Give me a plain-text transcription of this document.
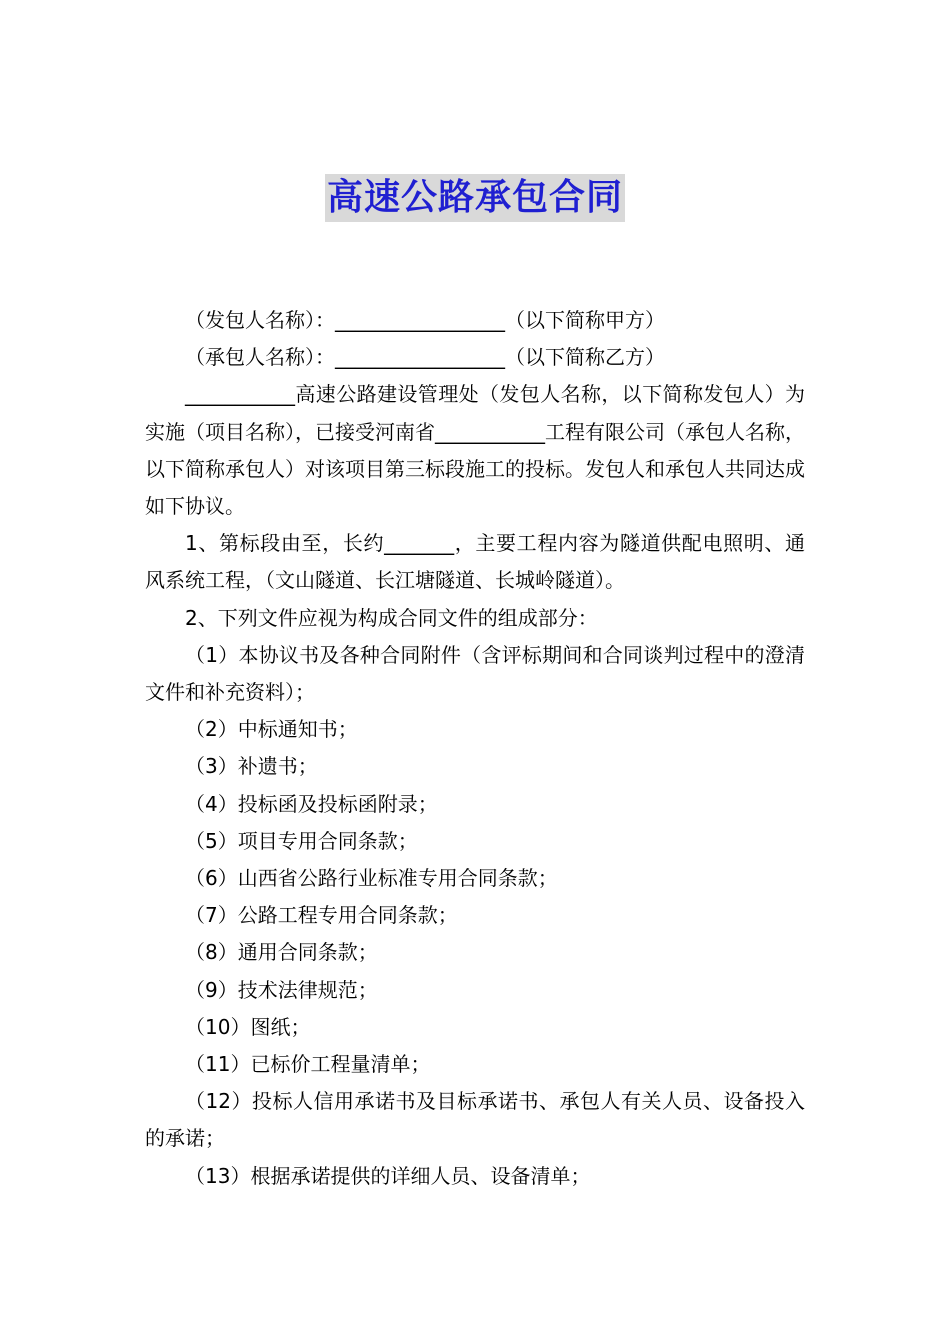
高速公路承包合同

（发包人名称）：_________________（以下简称甲方）

（承包人名称）：_________________（以下简称乙方）

___________高速公路建设管理处（发包人名称，以下简称发包人）为实施（项目名称），已接受河南省___________工程有限公司（承包人名称，以下简称承包人）对该项目第三标段施工的投标。发包人和承包人共同达成如下协议。

1、第标段由至，长约_______，主要工程内容为隧道供配电照明、通风系统工程，（文山隧道、长江塘隧道、长城岭隧道）。

2、下列文件应视为构成合同文件的组成部分：

（1）本协议书及各种合同附件（含评标期间和合同谈判过程中的澄清文件和补充资料）；

（2）中标通知书；

（3）补遗书；

（4）投标函及投标函附录；

（5）项目专用合同条款；

（6）山西省公路行业标准专用合同条款；

（7）公路工程专用合同条款；

（8）通用合同条款；

（9）技术法律规范；

（10）图纸；

（11）已标价工程量清单；

（12）投标人信用承诺书及目标承诺书、承包人有关人员、设备投入的承诺；

（13）根据承诺提供的详细人员、设备清单；
